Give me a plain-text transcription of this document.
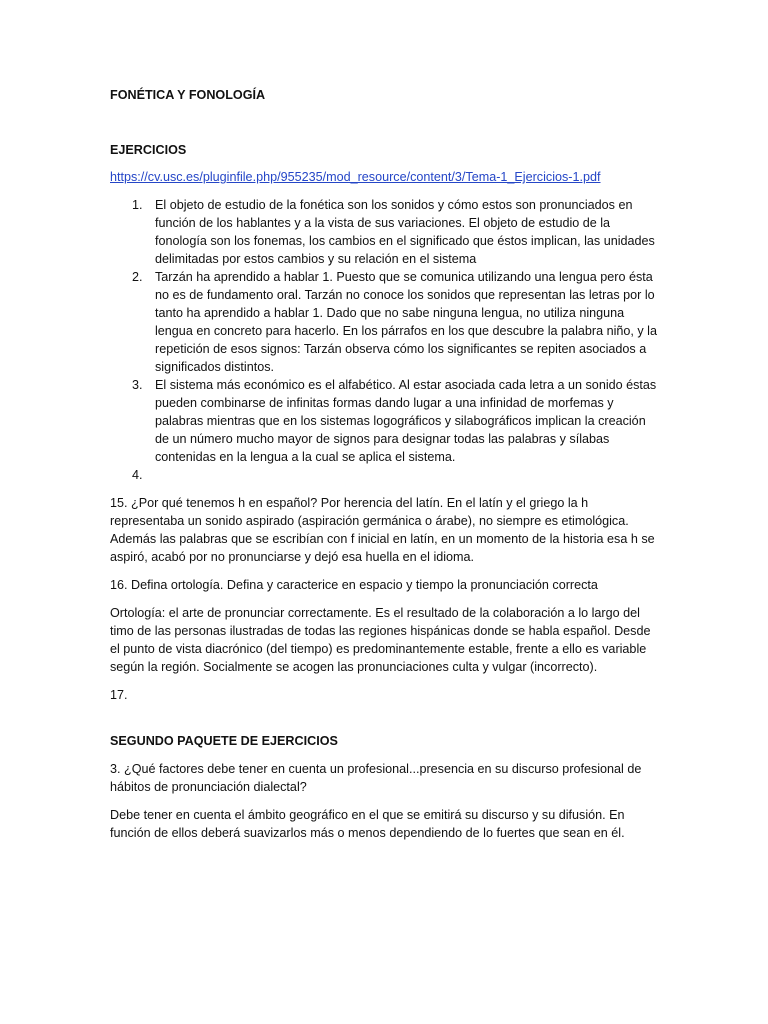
FONÉTICA Y FONOLOGÍA

EJERCICIOS

https://cv.usc.es/pluginfile.php/955235/mod_resource/content/3/Tema-1_Ejercicios-1.pdf
1. El objeto de estudio de la fonética son los sonidos y cómo estos son pronunciados en función de los hablantes y a la vista de sus variaciones. El objeto de estudio de la fonología son los fonemas, los cambios en el significado que éstos implican, las unidades delimitadas por estos cambios y su relación en el sistema
2. Tarzán ha aprendido a hablar 1. Puesto que se comunica utilizando una lengua pero ésta no es de fundamento oral. Tarzán no conoce los sonidos que representan las letras por lo tanto ha aprendido a hablar 1. Dado que no sabe ninguna lengua, no utiliza ninguna lengua en concreto para hacerlo. En los párrafos en los que descubre la palabra niño, y la repetición de esos signos: Tarzán observa cómo los significantes se repiten asociados a significados distintos.
3. El sistema más económico es el alfabético. Al estar asociada cada letra a un sonido éstas pueden combinarse de infinitas formas dando lugar a una infinidad de morfemas y palabras mientras que en los sistemas logográficos y silabográficos implican la creación de un número mucho mayor de signos para designar todas las palabras y sílabas contenidas en la lengua a la cual se aplica el sistema.
4.

15. ¿Por qué tenemos h en español? Por herencia del latín. En el latín y el griego la h representaba un sonido aspirado (aspiración germánica o árabe), no siempre es etimológica. Además las palabras que se escribían con f inicial en latín, en un momento de la historia esa h se aspiró, acabó por no pronunciarse y dejó esa huella en el idioma.

16. Defina ortología. Defina y caracterice en espacio y tiempo la pronunciación correcta

Ortología: el arte de pronunciar correctamente. Es el resultado de la colaboración a lo largo del timo de las personas ilustradas de todas las regiones hispánicas donde se habla español. Desde el punto de vista diacrónico (del tiempo) es predominantemente estable, frente a ello es variable según la región. Socialmente se acogen las pronunciaciones culta y vulgar (incorrecto).

17.

SEGUNDO PAQUETE DE EJERCICIOS

3. ¿Qué factores debe tener en cuenta un profesional...presencia en su discurso profesional de hábitos de pronunciación dialectal?

Debe tener en cuenta el ámbito geográfico en el que se emitirá su discurso y su difusión. En función de ellos deberá suavizarlos más o menos dependiendo de lo fuertes que sean en él.
